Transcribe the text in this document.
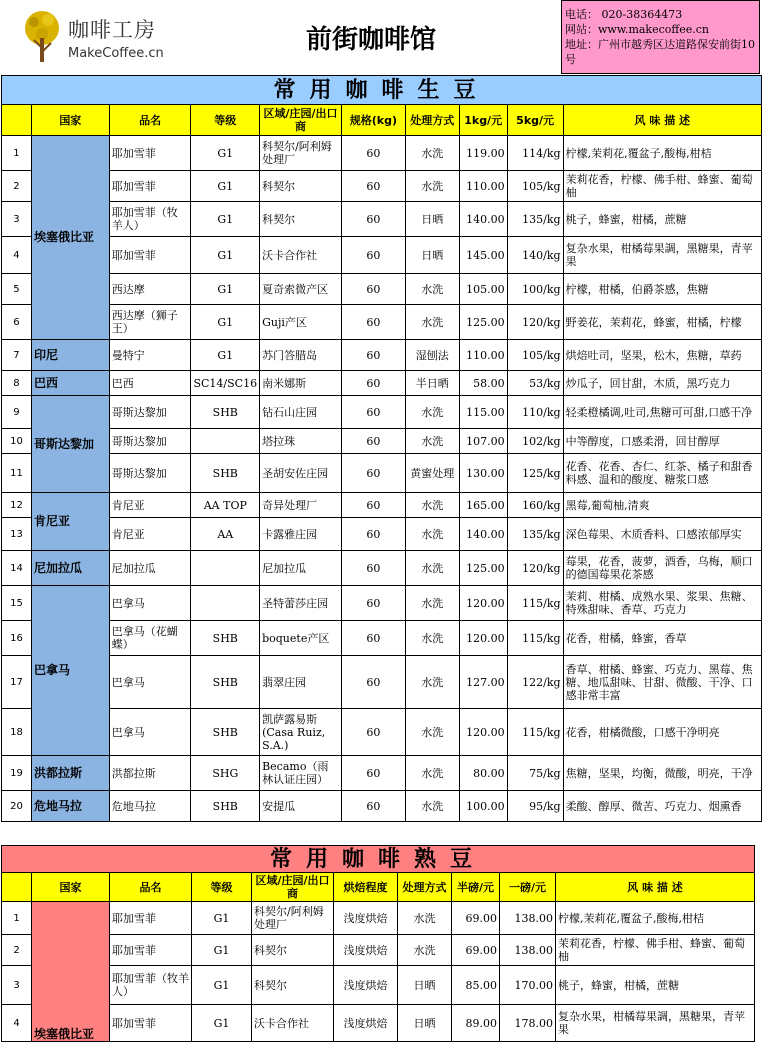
咖啡工房
MakeCoffee.cn	前街咖啡馆
电话： 020-38364473
网站：www.makecoffee.cn
地址：广州市越秀区达道路保安前街10号
常用咖啡生豆									
	国家	品名	等级	区域/庄园/出口商	规格(kg)	处理方式	1kg/元	5kg/元	风 味 描 述
1	埃塞俄比亚	耶加雪菲	G1	科契尔/阿利姆处理厂	60	水洗	119.00	114/kg	柠檬,茉莉花,覆盆子,酸梅,柑桔
2		耶加雪菲	G1	科契尔	60	水洗	110.00	105/kg	茉莉花香，柠檬、佛手柑、蜂蜜、葡萄柚
3		耶加雪菲（牧羊人）	G1	科契尔	60	日晒	140.00	135/kg	桃子，蜂蜜，柑橘，蔗糖
4		耶加雪菲	G1	沃卡合作社	60	日晒	145.00	140/kg	复杂水果，柑橘莓果調，黑糖果，青苹果
5		西达摩	G1	夏奇索微产区	60	水洗	105.00	100/kg	柠檬，柑橘，伯爵茶感，焦糖
6		西达摩（狮子王）	G1	Guji产区	60	水洗	125.00	120/kg	野姜花，茉莉花，蜂蜜，柑橘，柠檬
7	印尼	曼特宁	G1	苏门答腊岛	60	湿刨法	110.00	105/kg	烘焙吐司，坚果，松木，焦糖，草药
8	巴西	巴西	SC14/SC16	南米娜斯	60	半日晒	58.00	53/kg	炒瓜子，回甘甜，木质，黑巧克力
9	哥斯达黎加	哥斯达黎加	SHB	钻石山庄园	60	水洗	115.00	110/kg	轻柔橙橘调,吐司,焦糖可可甜,口感干净
10		哥斯达黎加		塔拉珠	60	水洗	107.00	102/kg	中等醇度，口感柔滑，回甘醇厚
11		哥斯达黎加	SHB	圣胡安佐庄园	60	黄蜜处理	130.00	125/kg	花香、花香、杏仁、红茶、橘子和甜香料感、温和的酸度、糖浆口感
12	肯尼亚	肯尼亚	AA TOP	奇异处理厂	60	水洗	165.00	160/kg	黑莓,葡萄柚,清爽
13		肯尼亚	AA	卡露雅庄园	60	水洗	140.00	135/kg	深色莓果、木质香料、口感浓郁厚实
14	尼加拉瓜	尼加拉瓜		尼加拉瓜	60	水洗	125.00	120/kg	莓果，花香，菠萝，酒香，乌梅，顺口的德国莓果花茶感
15	巴拿马	巴拿马		圣特蕾莎庄园	60	水洗	120.00	115/kg	茉莉、柑橘、成熟水果、浆果、焦糖、特殊甜味、香草、巧克力
16		巴拿马（花蝴蝶）	SHB	boquete产区	60	水洗	120.00	115/kg	花香，柑橘，蜂蜜，香草
17		巴拿马	SHB	翡翠庄园	60	水洗	127.00	122/kg	香草、柑橘、蜂蜜、巧克力、黑莓、焦糖、地瓜甜味、甘甜、微酸、干净、口感非常丰富
18		巴拿马	SHB	凯萨露易斯(Casa Ruiz, S.A.)	60	水洗	120.00	115/kg	花香，柑橘微酸，口感干净明亮
19	洪都拉斯	洪都拉斯	SHG	Becamo（雨林认证庄园）	60	水洗	80.00	75/kg	焦糖，坚果，均衡，微酸，明亮，干净
20	危地马拉	危地马拉	SHB	安提瓜	60	水洗	100.00	95/kg	柔酸、醇厚、微苦、巧克力、烟熏香
常用咖啡熟豆									
	国家	品名	等级	区域/庄园/出口商	烘焙程度	处理方式	半磅/元	一磅/元	风 味 描 述
1	埃塞俄比亚	耶加雪菲	G1	科契尔/阿利姆处理厂	浅度烘焙	水洗	69.00	138.00	柠檬,茉莉花,覆盆子,酸梅,柑桔
2		耶加雪菲	G1	科契尔	浅度烘焙	水洗	69.00	138.00	茉莉花香，柠檬、佛手柑、蜂蜜、葡萄柚
3		耶加雪菲（牧羊人）	G1	科契尔	浅度烘焙	日晒	85.00	170.00	桃子，蜂蜜，柑橘，蔗糖
4		耶加雪菲	G1	沃卡合作社	浅度烘焙	日晒	89.00	178.00	复杂水果，柑橘莓果調，黑糖果，青苹果
